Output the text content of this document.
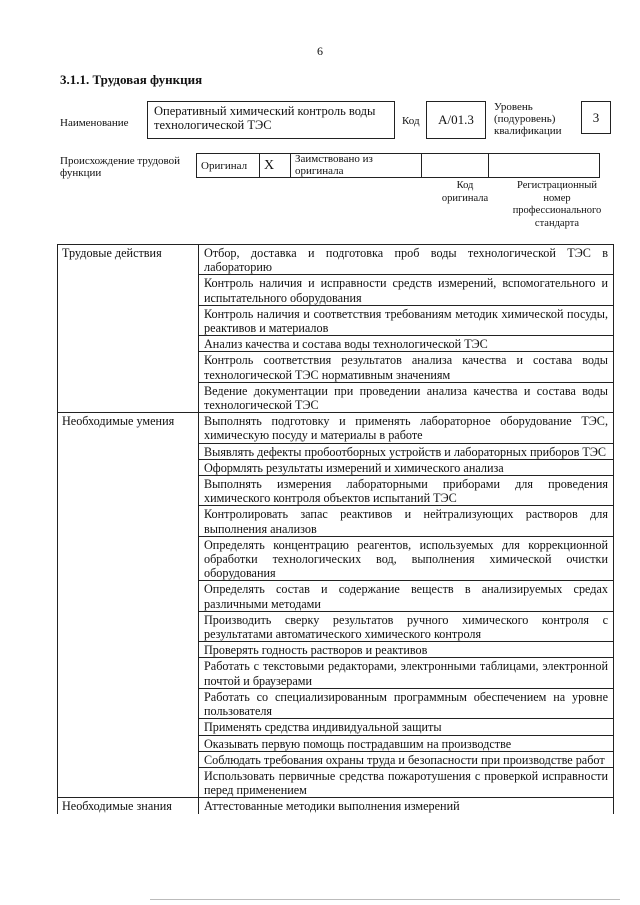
6
3.1.1. Трудовая функция
Наименование
Оперативный химический контроль воды технологической ТЭС	Код	A/01.3
Уровень (подуровень) квалификации
3
Происхождение трудовой функции
Оригинал	X	Заимствовано из оригинала		
Код оригинала
Регистрационный номер профессионального стандарта
Трудовые действия	Отбор, доставка и подготовка проб воды технологической ТЭС в лабораторию
	Контроль наличия и исправности средств измерений, вспомогательного и испытательного оборудования
	Контроль наличия и соответствия требованиям методик химической посуды, реактивов и материалов
	Анализ качества и состава воды технологической ТЭС
	Контроль соответствия результатов анализа качества и состава воды технологической ТЭС нормативным значениям
	Ведение документации при проведении анализа качества и состава воды технологической ТЭС
Необходимые умения	Выполнять подготовку и применять лабораторное оборудование ТЭС, химическую посуду и материалы в работе
	Выявлять дефекты пробоотборных устройств и лабораторных приборов ТЭС
	Оформлять результаты измерений и химического анализа
	Выполнять измерения лабораторными приборами для проведения химического контроля объектов испытаний ТЭС
	Контролировать запас реактивов и нейтрализующих растворов для выполнения анализов
	Определять концентрацию реагентов, используемых для коррекционной обработки технологических вод, выполнения химической очистки оборудования
	Определять состав и содержание веществ в анализируемых средах различными методами
	Производить сверку результатов ручного химического контроля с результатами автоматического химического контроля
	Проверять годность растворов и реактивов
	Работать с текстовыми редакторами, электронными таблицами, электронной почтой и браузерами
	Работать со специализированным программным обеспечением на уровне пользователя
	Применять средства индивидуальной защиты
	Оказывать первую помощь пострадавшим на производстве
	Соблюдать требования охраны труда и безопасности при производстве работ
	Использовать первичные средства пожаротушения с проверкой исправности перед применением
Необходимые знания	Аттестованные методики выполнения измерений
